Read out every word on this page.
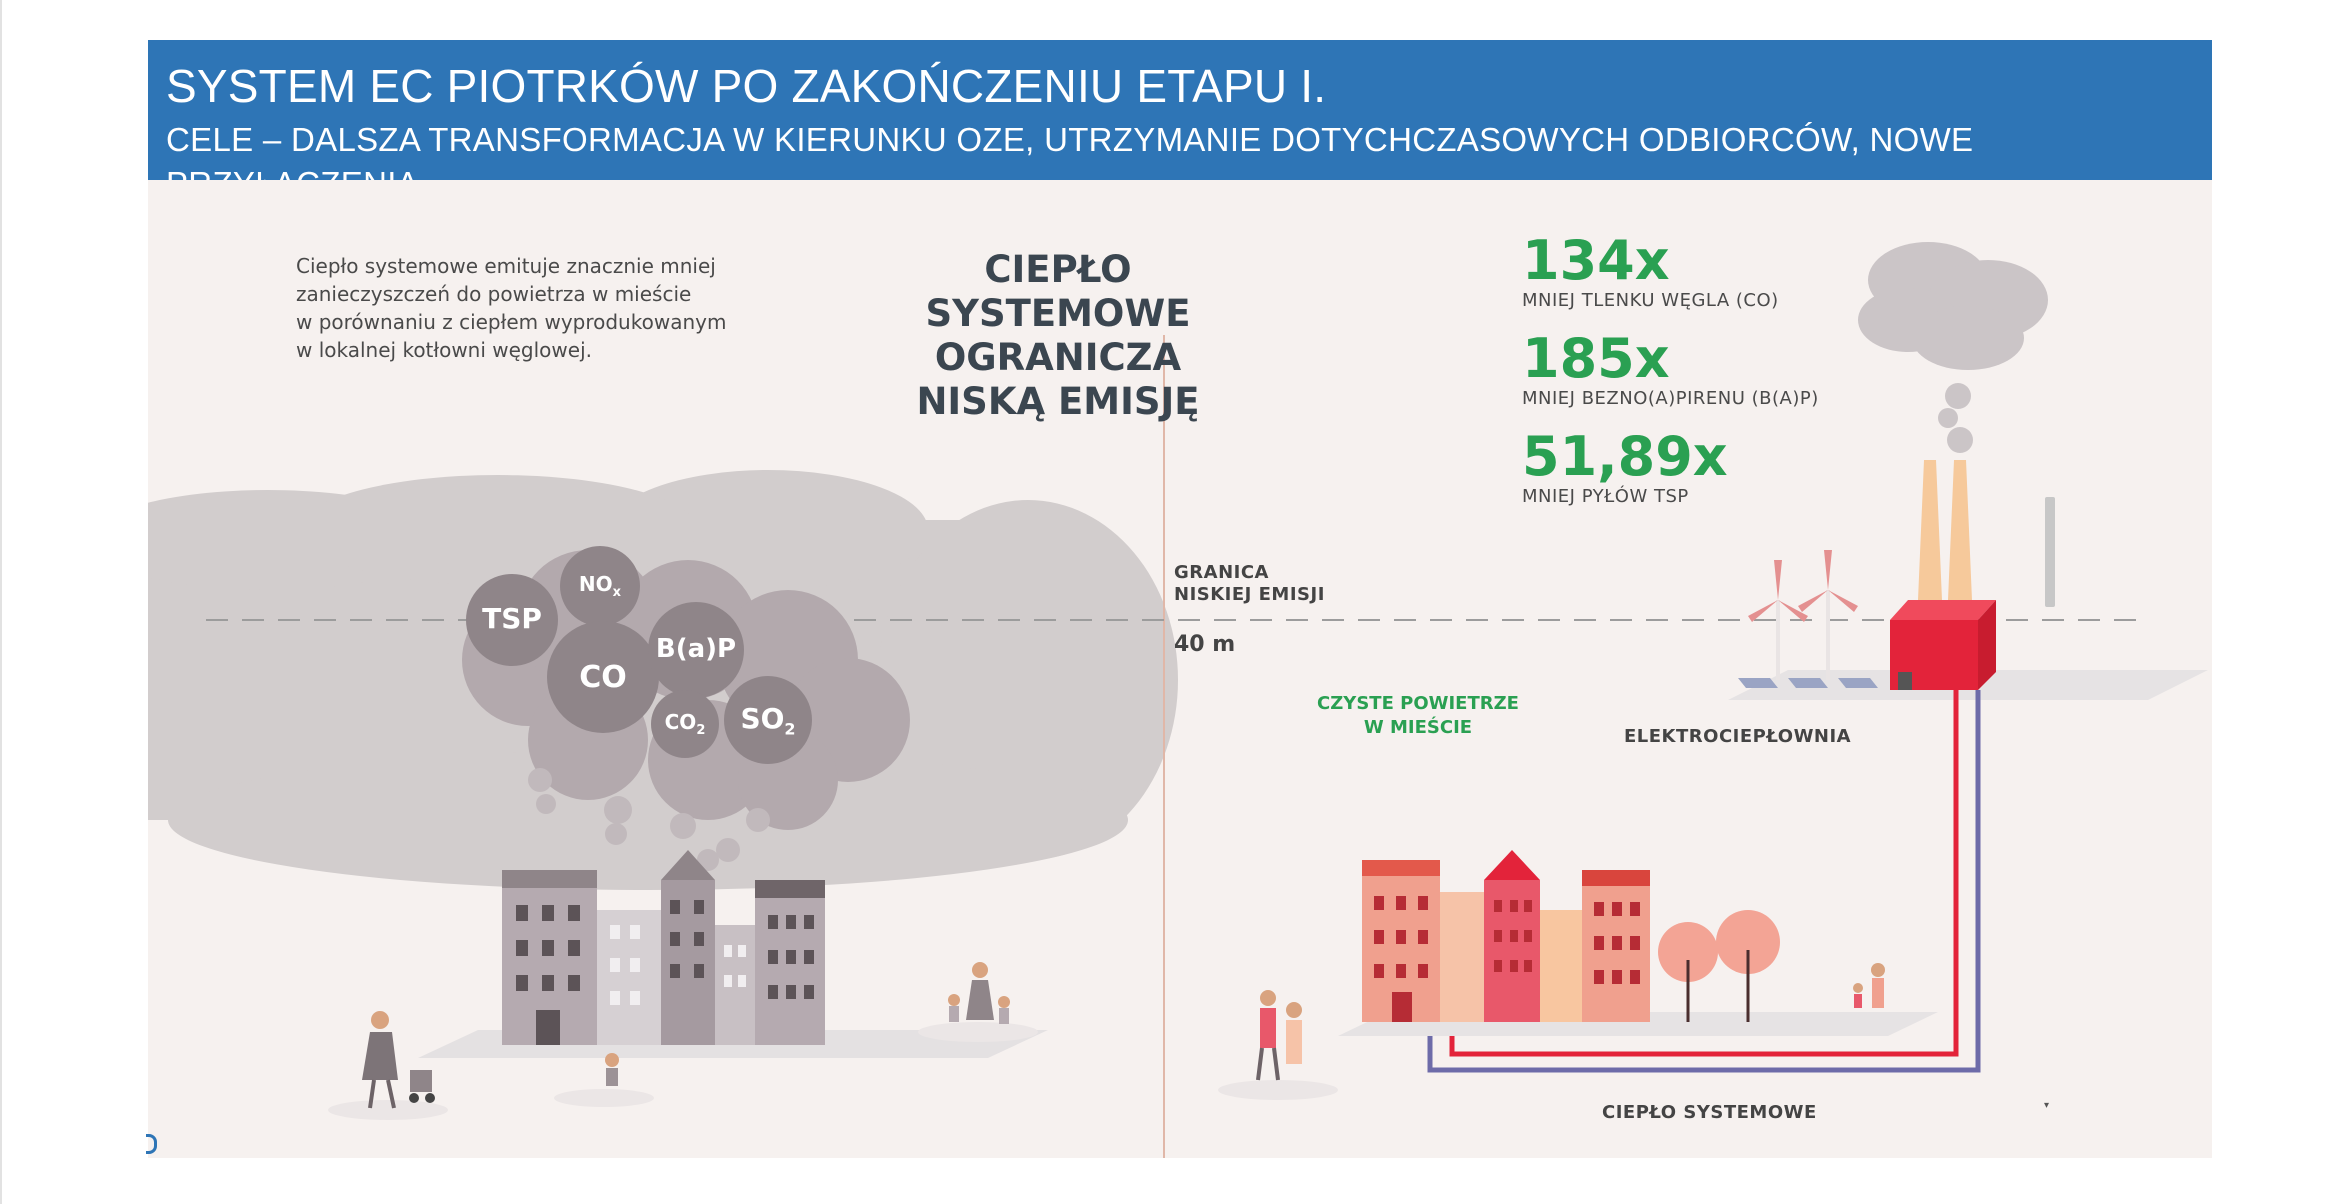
SYSTEM EC PIOTRKÓW PO ZAKOŃCZENIU ETAPU I.
CELE – DALSZA TRANSFORMACJA W KIERUNKU OZE, UTRZYMANIE DOTYCHCZASOWYCH ODBIORCÓW, NOWE
TSP
$NO_x$
CO
B(a)P
$CO_2$	$SO_2$
Ciepło systemowe emituje znacznie mniej
zanieczyszczeń do powietrza w mieście
w porównaniu z ciepłem wyprodukowanym
w lokalnej kotłowni węglowej.
CIEPŁO SYSTEMOWE
OGRANICZA NISKĄ EMISJĘ
134x
MNIEJ TLENKU WĘGLA (CO)
185x
MNIEJ BEZNO(A)PIRENU (B(A)P)
51,89x
MNIEJ PYŁÓW TSP
GRANICA
NISKIEJ EMISJI
40 m
CZYSTE POWIETRZE
W MIEŚCIE	ELEKTROCIEPŁOWNIA
CIEPŁO SYSTEMOWE	▾
